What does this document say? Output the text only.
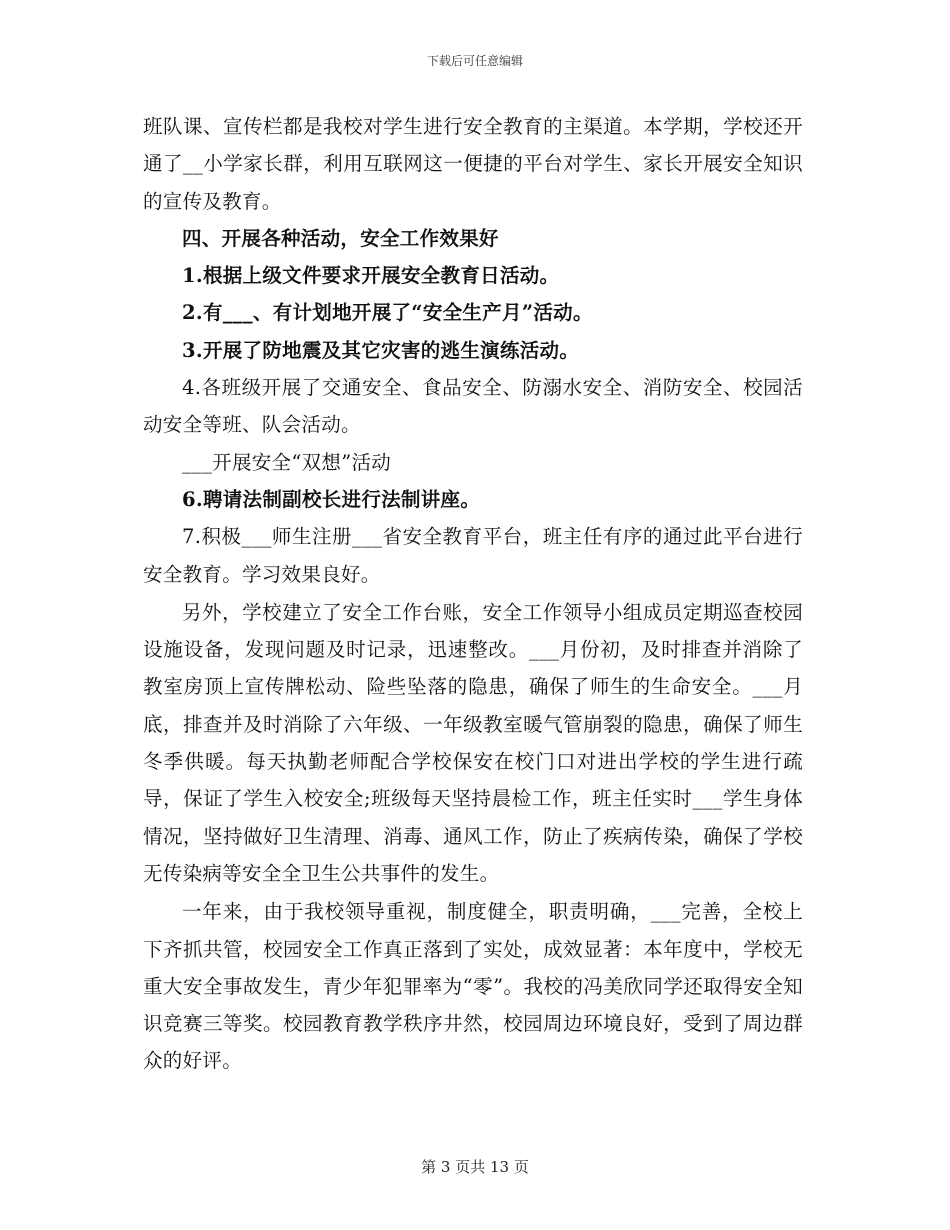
下载后可任意编辑

班队课、宣传栏都是我校对学生进行安全教育的主渠道。本学期，学校还开通了__小学家长群，利用互联网这一便捷的平台对学生、家长开展安全知识的宣传及教育。

四、开展各种活动，安全工作效果好

1.根据上级文件要求开展安全教育日活动。

2.有___、有计划地开展了“安全生产月”活动。

3.开展了防地震及其它灾害的逃生演练活动。

4.各班级开展了交通安全、食品安全、防溺水安全、消防安全、校园活动安全等班、队会活动。

___开展安全“双想”活动

6.聘请法制副校长进行法制讲座。

7.积极___师生注册___省安全教育平台，班主任有序的通过此平台进行安全教育。学习效果良好。

另外，学校建立了安全工作台账，安全工作领导小组成员定期巡查校园设施设备，发现问题及时记录，迅速整改。___月份初，及时排查并消除了教室房顶上宣传牌松动、险些坠落的隐患，确保了师生的生命安全。___月底，排查并及时消除了六年级、一年级教室暖气管崩裂的隐患，确保了师生冬季供暖。每天执勤老师配合学校保安在校门口对进出学校的学生进行疏导，保证了学生入校安全;班级每天坚持晨检工作，班主任实时___学生身体情况，坚持做好卫生清理、消毒、通风工作，防止了疾病传染，确保了学校无传染病等安全全卫生公共事件的发生。

一年来，由于我校领导重视，制度健全，职责明确，___完善，全校上下齐抓共管，校园安全工作真正落到了实处，成效显著：本年度中，学校无重大安全事故发生，青少年犯罪率为“零”。我校的冯美欣同学还取得安全知识竞赛三等奖。校园教育教学秩序井然，校园周边环境良好，受到了周边群众的好评。

第 3 页共 13 页
